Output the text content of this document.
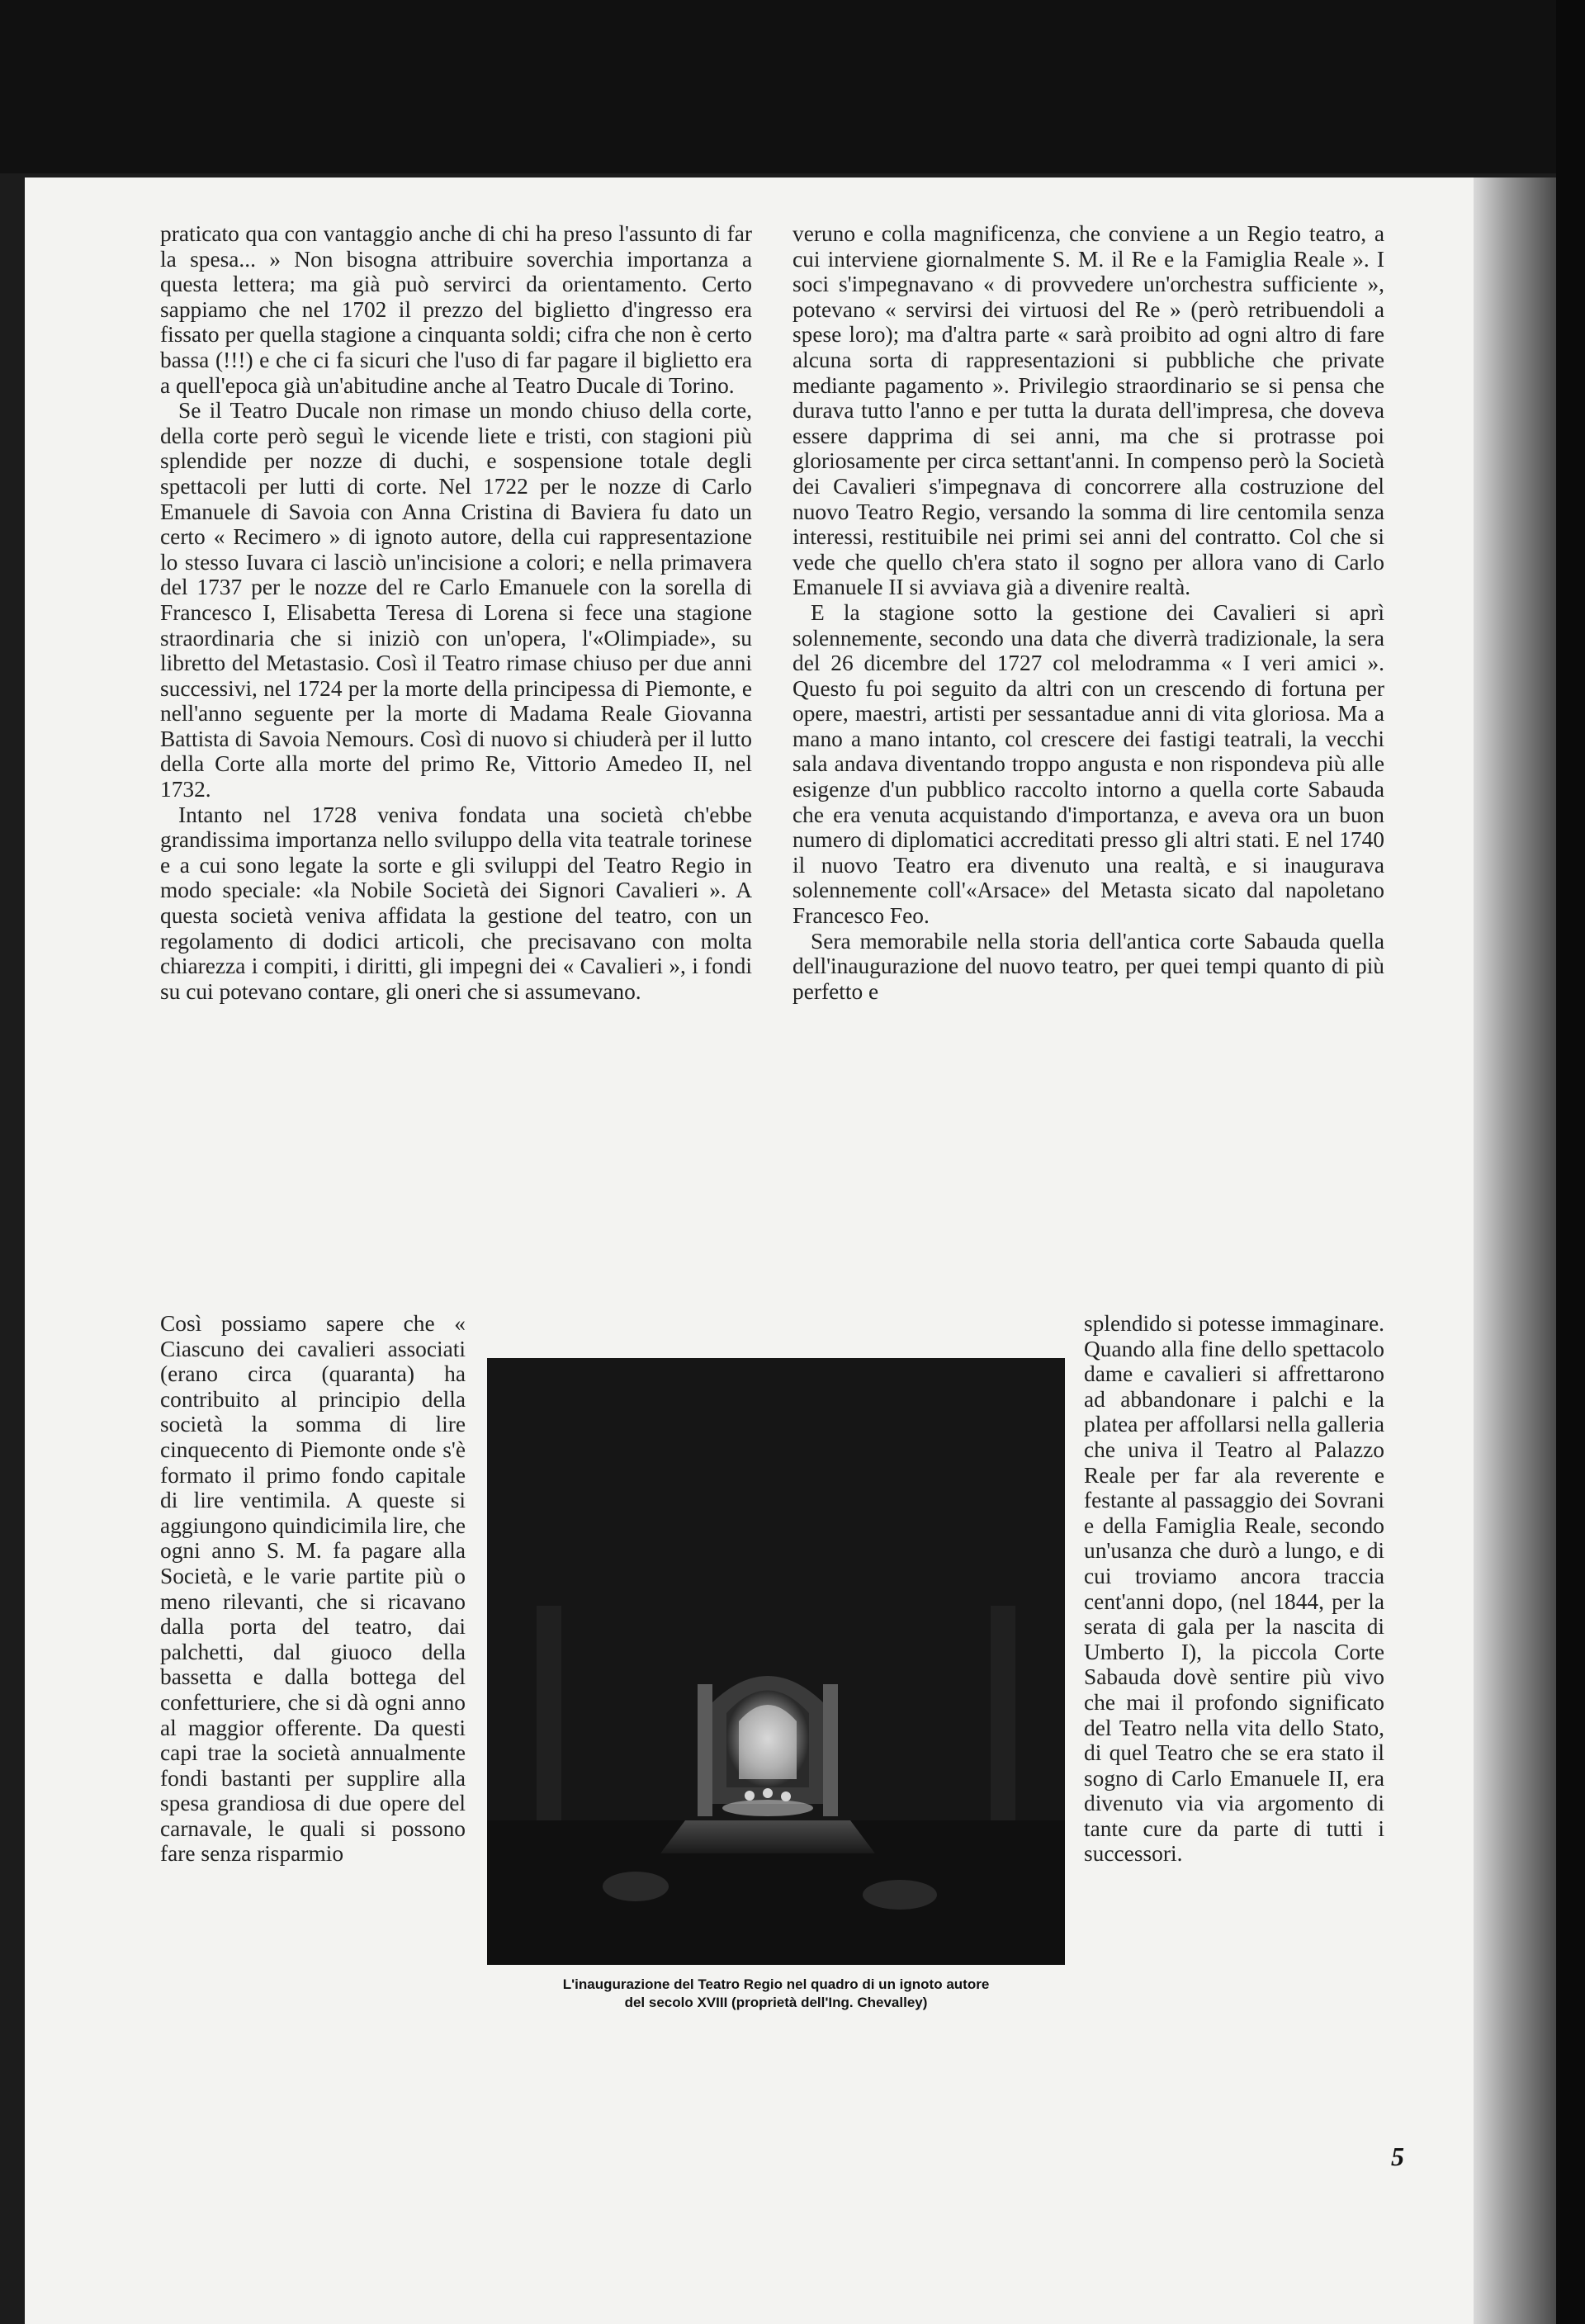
praticato qua con vantaggio anche di chi ha preso l'assunto di far la spesa... » Non bisogna attribuire soverchia importanza a questa lettera; ma già può servirci da orientamento. Certo sappiamo che nel 1702 il prezzo del biglietto d'ingresso era fissato per quella stagione a cinquanta soldi; cifra che non è certo bassa (!!!) e che ci fa sicuri che l'uso di far pagare il biglietto era a quell'epoca già un'abitudine anche al Teatro Ducale di Torino.

Se il Teatro Ducale non rimase un mondo chiuso della corte, della corte però seguì le vicende liete e tristi, con stagioni più splendide per nozze di duchi, e sospensione totale degli spettacoli per lutti di corte. Nel 1722 per le nozze di Carlo Emanuele di Savoia con Anna Cristina di Baviera fu dato un certo « Recimero » di ignoto autore, della cui rappresentazione lo stesso Iuvara ci lasciò un'incisione a colori; e nella primavera del 1737 per le nozze del re Carlo Emanuele con la sorella di Francesco I, Elisabetta Teresa di Lorena si fece una stagione straordinaria che si iniziò con un'opera, l'«Olimpiade», su libretto del Metastasio. Così il Teatro rimase chiuso per due anni successivi, nel 1724 per la morte della principessa di Piemonte, e nell'anno seguente per la morte di Madama Reale Giovanna Battista di Savoia Nemours. Così di nuovo si chiuderà per il lutto della Corte alla morte del primo Re, Vittorio Amedeo II, nel 1732.

Intanto nel 1728 veniva fondata una società ch'ebbe grandissima importanza nello sviluppo della vita teatrale torinese e a cui sono legate la sorte e gli sviluppi del Teatro Regio in modo speciale: «la Nobile Società dei Signori Cavalieri ». A questa società veniva affidata la gestione del teatro, con un regolamento di dodici articoli, che precisavano con molta chiarezza i compiti, i diritti, gli impegni dei « Cavalieri », i fondi su cui potevano contare, gli oneri che si assumevano.

veruno e colla magnificenza, che conviene a un Regio teatro, a cui interviene giornalmente S. M. il Re e la Famiglia Reale ». I soci s'impegnavano « di provvedere un'orchestra sufficiente », potevano « servirsi dei virtuosi del Re » (però retribuendoli a spese loro); ma d'altra parte « sarà proibito ad ogni altro di fare alcuna sorta di rappresentazioni si pubbliche che private mediante pagamento ». Privilegio straordinario se si pensa che durava tutto l'anno e per tutta la durata dell'impresa, che doveva essere dapprima di sei anni, ma che si protrasse poi gloriosamente per circa settant'anni. In compenso però la Società dei Cavalieri s'impegnava di concorrere alla costruzione del nuovo Teatro Regio, versando la somma di lire centomila senza interessi, restituibile nei primi sei anni del contratto. Col che si vede che quello ch'era stato il sogno per allora vano di Carlo Emanuele II si avviava già a divenire realtà.

E la stagione sotto la gestione dei Cavalieri si aprì solennemente, secondo una data che diverrà tradizionale, la sera del 26 dicembre del 1727 col melodramma « I veri amici ». Questo fu poi seguito da altri con un crescendo di fortuna per opere, maestri, artisti per sessantadue anni di vita gloriosa. Ma a mano a mano intanto, col crescere dei fastigi teatrali, la vecchi sala andava diventando troppo angusta e non rispondeva più alle esigenze d'un pubblico raccolto intorno a quella corte Sabauda che era venuta acquistando d'importanza, e aveva ora un buon numero di diplomatici accreditati presso gli altri stati. E nel 1740 il nuovo Teatro era divenuto una realtà, e si inaugurava solennemente coll'«Arsace» del Metasta sicato dal napoletano Francesco Feo.

Sera memorabile nella storia dell'antica corte Sabauda quella dell'inaugurazione del nuovo teatro, per quei tempi quanto di più perfetto e

Così possiamo sapere che « Ciascuno dei cavalieri associati (erano circa (quaranta) ha contribuito al principio della società la somma di lire cinquecento di Piemonte onde s'è formato il primo fondo capitale di lire ventimila. A queste si aggiungono quindicimila lire, che ogni anno S. M. fa pagare alla Società, e le varie partite più o meno rilevanti, che si ricavano dalla porta del teatro, dai palchetti, dal giuoco della bassetta e dalla bottega del confetturiere, che si dà ogni anno al maggior offerente. Da questi capi trae la società annualmente fondi bastanti per supplire alla spesa grandiosa di due opere del carnavale, le quali si possono fare senza risparmio

splendido si potesse immaginare. Quando alla fine dello spettacolo dame e cavalieri si affrettarono ad abbandonare i palchi e la platea per affollarsi nella galleria che univa il Teatro al Palazzo Reale per far ala reverente e festante al passaggio dei Sovrani e della Famiglia Reale, secondo un'usanza che durò a lungo, e di cui troviamo ancora traccia cent'anni dopo, (nel 1844, per la serata di gala per la nascita di Umberto I), la piccola Corte Sabauda dovè sentire più vivo che mai il profondo significato del Teatro nella vita dello Stato, di quel Teatro che se era stato il sogno di Carlo Emanuele II, era divenuto via via argomento di tante cure da parte di tutti i successori.

L'inaugurazione del Teatro Regio nel quadro di un ignoto autore
del secolo XVIII (proprietà dell'Ing. Chevalley)
5
